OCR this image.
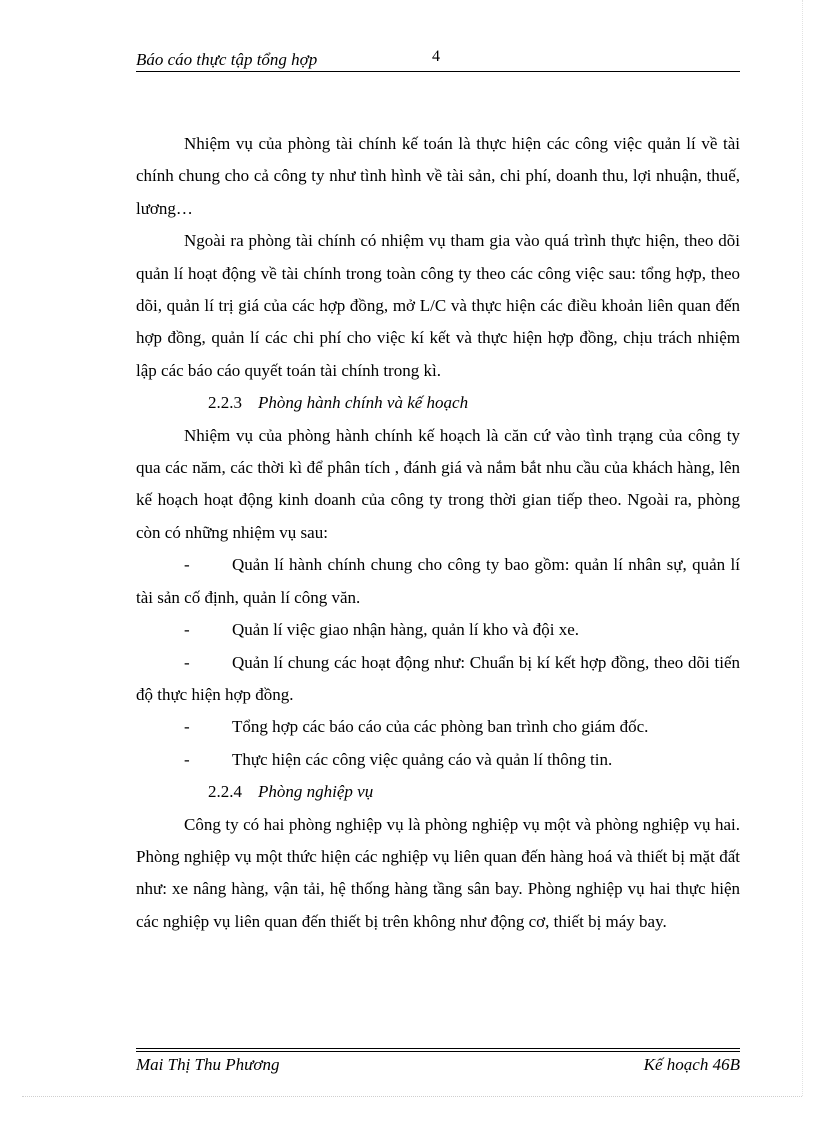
Báo cáo thực tập tổng hợp	4

Nhiệm vụ của phòng tài chính kế toán là thực hiện các công việc quản lí về tài chính chung cho cả công ty như tình hình về tài sản, chi phí, doanh thu, lợi nhuận, thuế, lương…

Ngoài ra phòng tài chính có nhiệm vụ tham gia vào quá trình thực hiện, theo dõi quản lí hoạt động về tài chính trong toàn công ty theo các công việc sau: tổng hợp, theo dõi, quản lí trị giá của các hợp đồng, mở L/C và thực hiện các điều khoản liên quan đến hợp đồng, quản lí các chi phí cho việc kí kết và thực hiện hợp đồng, chịu trách nhiệm lập các báo cáo quyết toán tài chính trong kì.

2.2.3 Phòng hành chính và kế hoạch

Nhiệm vụ của phòng hành chính kế hoạch là căn cứ vào tình trạng của công ty qua các năm, các thời kì để phân tích , đánh giá và nắm bắt nhu cầu của khách hàng, lên kế hoạch hoạt động kinh doanh của công ty trong thời gian tiếp theo. Ngoài ra, phòng còn có những nhiệm vụ sau:

- Quản lí hành chính chung cho công ty bao gồm: quản lí nhân sự, quản lí tài sản cố định, quản lí công văn.

- Quản lí việc giao nhận hàng, quản lí kho và đội xe.

- Quản lí chung các hoạt động như: Chuẩn bị kí kết hợp đồng, theo dõi tiến độ thực hiện hợp đồng.

- Tổng hợp các báo cáo của các phòng ban trình cho giám đốc.

- Thực hiện các công việc quảng cáo và quản lí thông tin.

2.2.4 Phòng nghiệp vụ

Công ty có hai phòng nghiệp vụ là phòng nghiệp vụ một và phòng nghiệp vụ hai. Phòng nghiệp vụ một thức hiện các nghiệp vụ liên quan đến hàng hoá và thiết bị mặt đất như: xe nâng hàng, vận tải, hệ thống hàng tầng sân bay. Phòng nghiệp vụ hai thực hiện các nghiệp vụ liên quan đến thiết bị trên không như động cơ, thiết bị máy bay.

Mai Thị Thu Phương	Kế hoạch 46B
